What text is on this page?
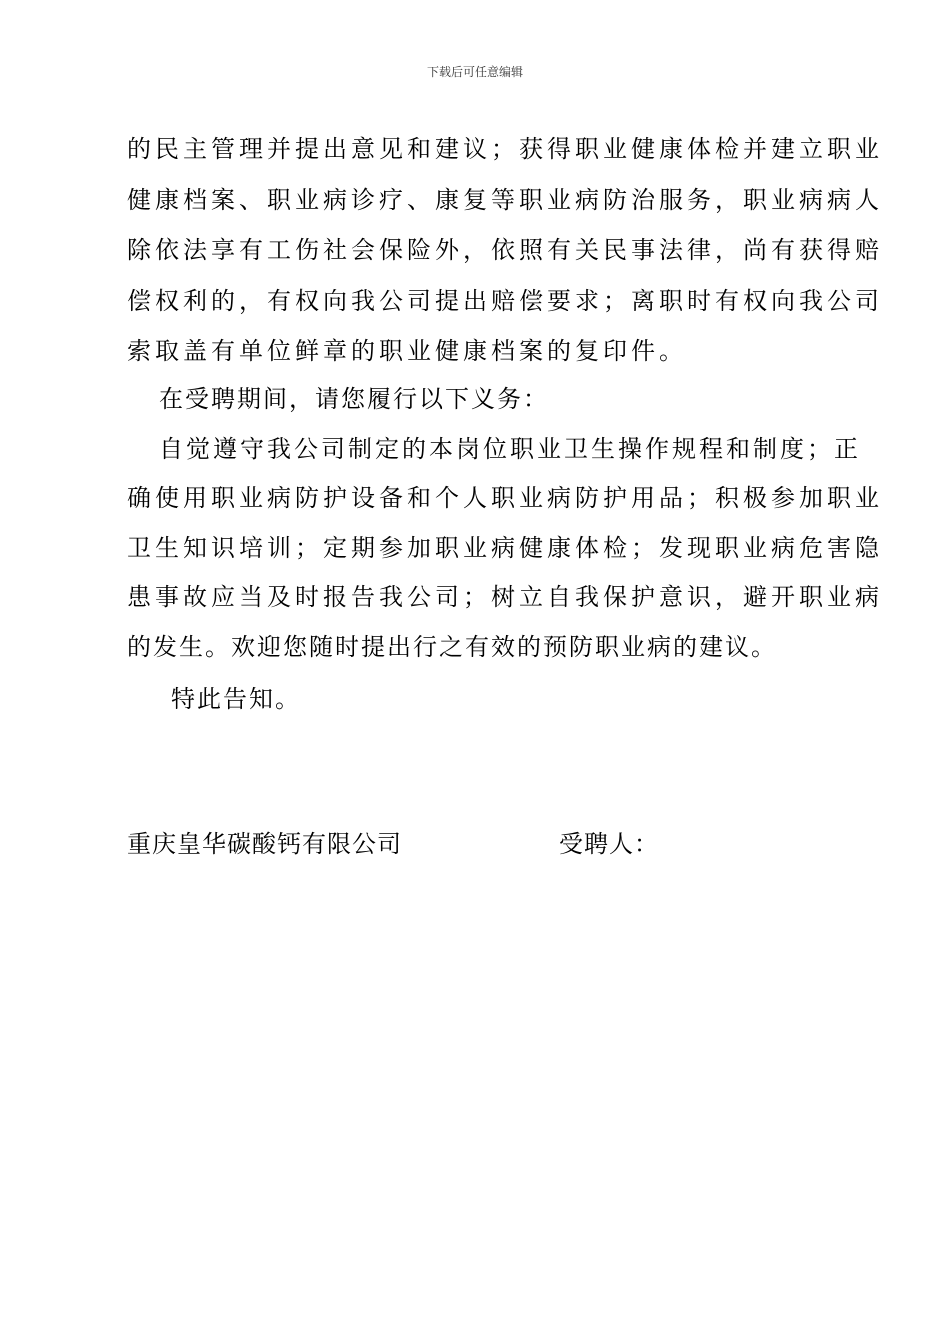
下载后可任意编辑
的民主管理并提出意见和建议；获得职业健康体检并建立职业
健康档案、职业病诊疗、康复等职业病防治服务，职业病病人
除依法享有工伤社会保险外，依照有关民事法律，尚有获得赔
偿权利的，有权向我公司提出赔偿要求；离职时有权向我公司
索取盖有单位鲜章的职业健康档案的复印件。
在受聘期间，请您履行以下义务：
自觉遵守我公司制定的本岗位职业卫生操作规程和制度；正
确使用职业病防护设备和个人职业病防护用品；积极参加职业
卫生知识培训；定期参加职业病健康体检；发现职业病危害隐
患事故应当及时报告我公司；树立自我保护意识，避开职业病
的发生。欢迎您随时提出行之有效的预防职业病的建议。
特此告知。
重庆皇华碳酸钙有限公司	受聘人：
